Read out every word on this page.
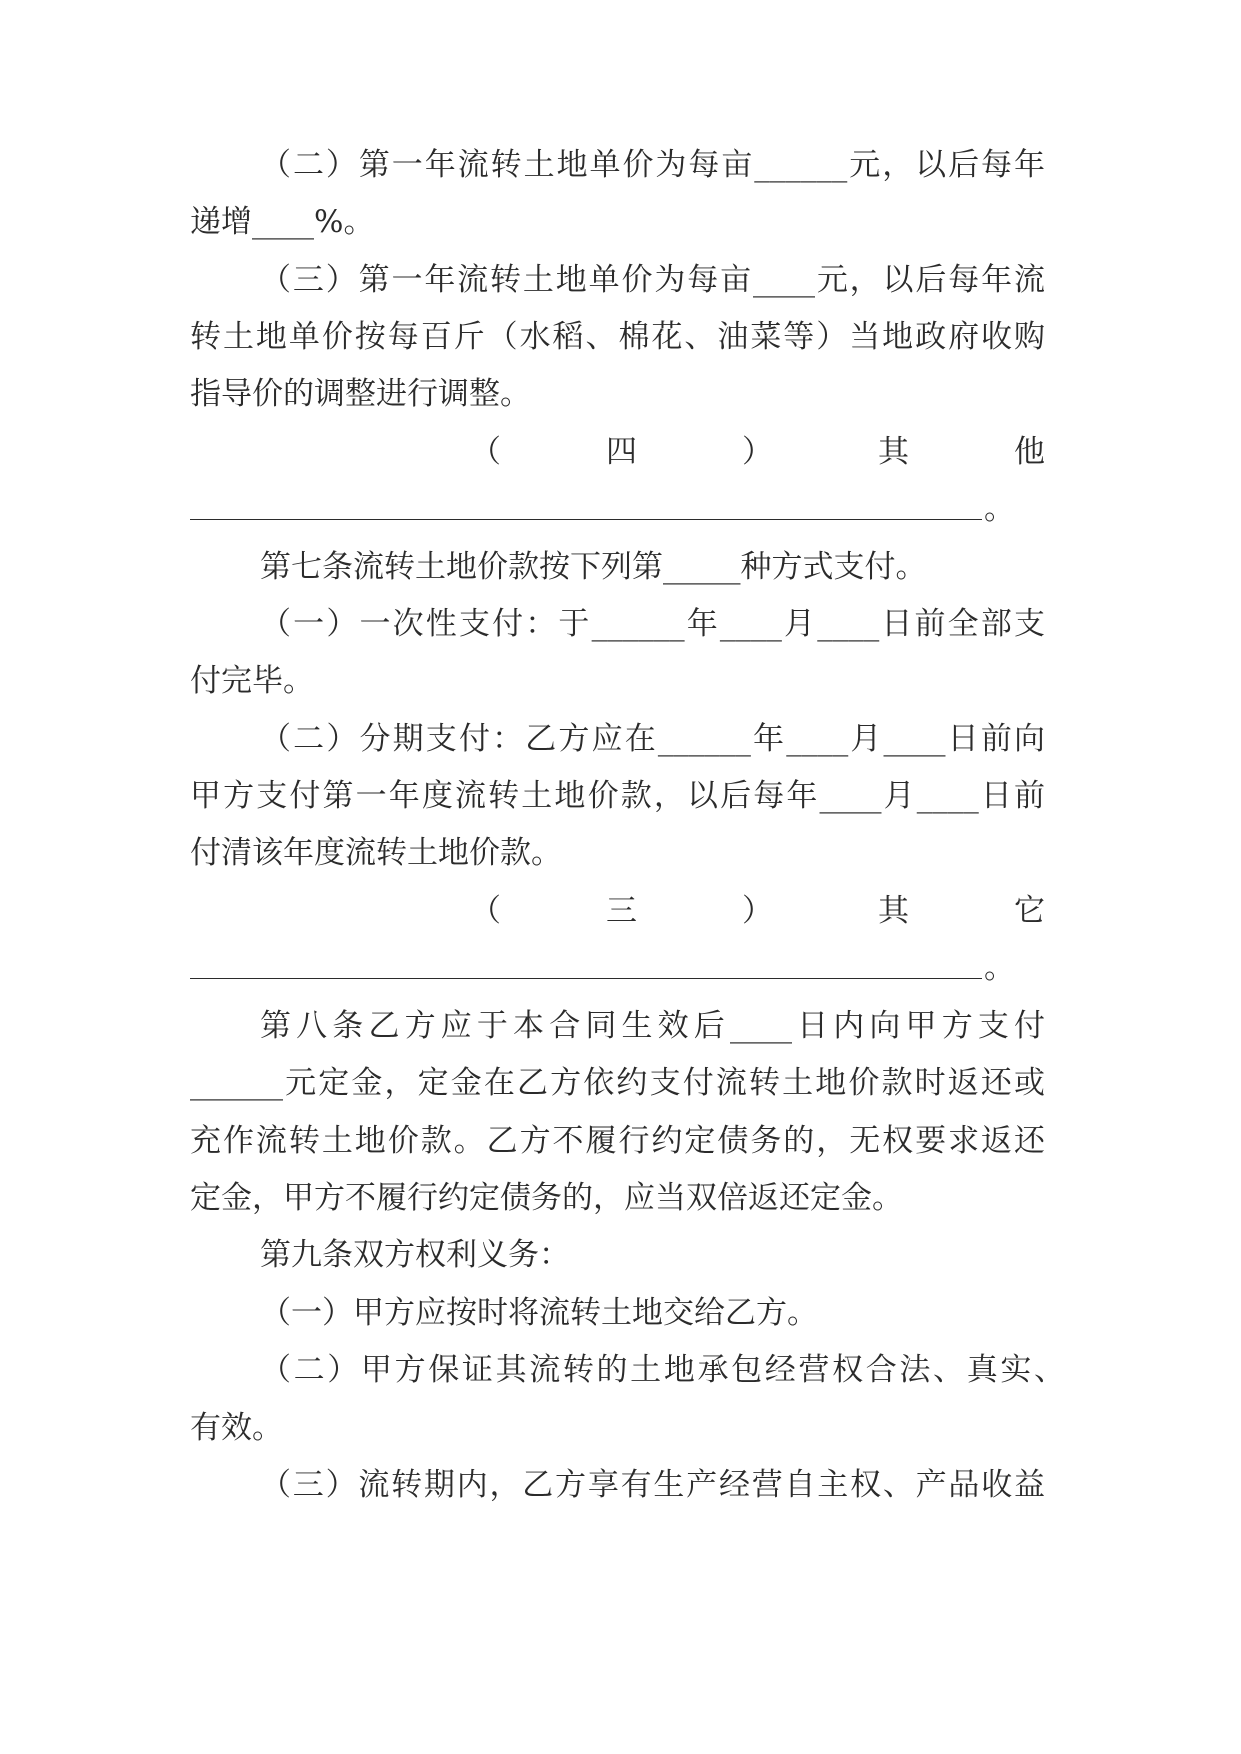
（二）第一年流转土地单价为每亩______元，以后每年
递增____%。
（三）第一年流转土地单价为每亩____元，以后每年流
转土地单价按每百斤（水稻、棉花、油菜等）当地政府收购
指导价的调整进行调整。
（	四	）	其	他
。
第七条流转土地价款按下列第_____种方式支付。
（一）一次性支付：于______年____月____日前全部支
付完毕。
（二）分期支付：乙方应在______年____月____日前向
甲方支付第一年度流转土地价款，以后每年____月____日前
付清该年度流转土地价款。
（	三	）	其	它
。
第八条乙方应于本合同生效后____日内向甲方支付
______元定金，定金在乙方依约支付流转土地价款时返还或
充作流转土地价款。乙方不履行约定债务的，无权要求返还
定金，甲方不履行约定债务的，应当双倍返还定金。
第九条双方权利义务：
（一）甲方应按时将流转土地交给乙方。
（二）甲方保证其流转的土地承包经营权合法、真实、
有效。
（三）流转期内，乙方享有生产经营自主权、产品收益
